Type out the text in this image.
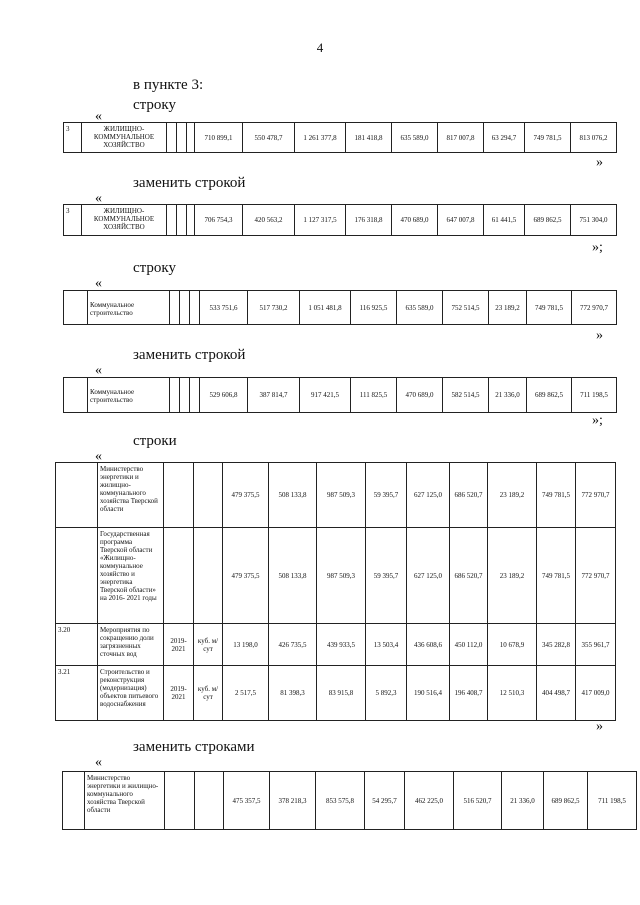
4
в пункте 3:
строку
«
3	ЖИЛИЩНО-КОММУНАЛЬНОЕ ХОЗЯЙСТВО				710 899,1	550 478,7	1 261 377,8	181 418,8	635 589,0	817 007,8	63 294,7	749 781,5	813 076,2
»
заменить строкой
«
3	ЖИЛИЩНО-КОММУНАЛЬНОЕ ХОЗЯЙСТВО				706 754,3	420 563,2	1 127 317,5	176 318,8	470 689,0	647 007,8	61 441,5	689 862,5	751 304,0
»;
строку
«
	Коммунальное строительство				533 751,6	517 730,2	1 051 481,8	116 925,5	635 589,0	752 514,5	23 189,2	749 781,5	772 970,7
»
заменить строкой
«
	Коммунальное строительство				529 606,8	387 814,7	917 421,5	111 825,5	470 689,0	582 514,5	21 336,0	689 862,5	711 198,5
»;
строки
«
	Министерство энергетики и жилищно-коммунального хозяйства Тверской области			479 375,5	508 133,8	987 509,3	59 395,7	627 125,0	686 520,7	23 189,2	749 781,5	772 970,7
	Государственная программа Тверской области «Жилищно-коммунальное хозяйство и энергетика Тверской области» на 2016- 2021 годы			479 375,5	508 133,8	987 509,3	59 395,7	627 125,0	686 520,7	23 189,2	749 781,5	772 970,7
3.20	Мероприятия по сокращению доли загрязненных сточных вод	2019-2021	куб. м/сут	13 198,0	426 735,5	439 933,5	13 503,4	436 608,6	450 112,0	10 678,9	345 282,8	355 961,7
3.21	Строительство и реконструкция (модернизация) объектов питьевого водоснабжения	2019-2021	куб. м/сут	2 517,5	81 398,3	83 915,8	5 892,3	190 516,4	196 408,7	12 510,3	404 498,7	417 009,0
»
заменить строками
«
	Министерство энергетики и жилищно-коммунального хозяйства Тверской области			475 357,5	378 218,3	853 575,8	54 295,7	462 225,0	516 520,7	21 336,0	689 862,5	711 198,5
